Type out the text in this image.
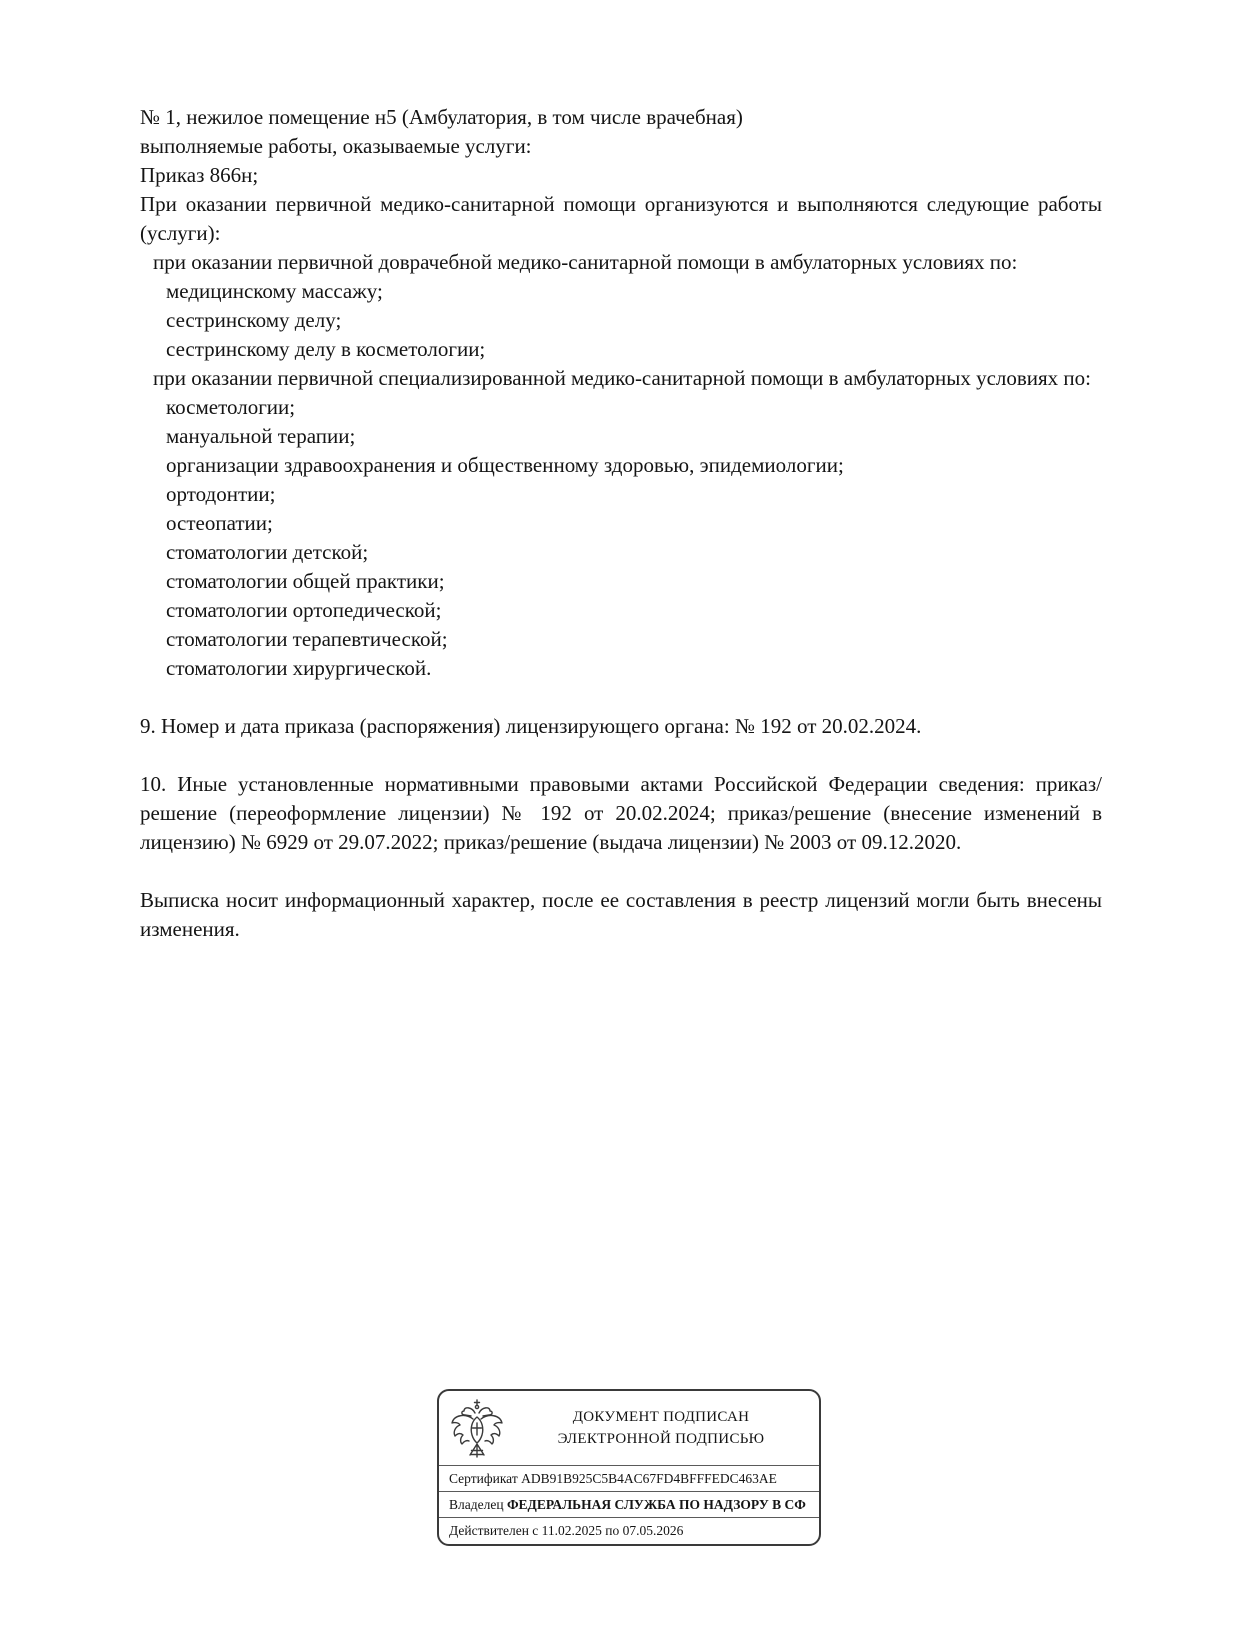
№ 1, нежилое помещение н5 (Амбулатория, в том числе врачебная)
выполняемые работы, оказываемые услуги:
Приказ 866н;
При оказании первичной медико-санитарной помощи организуются и выполняются следующие работы (услуги):
при оказании первичной доврачебной медико-санитарной помощи в амбулаторных условиях по:
медицинскому массажу;
сестринскому делу;
сестринскому делу в косметологии;
при оказании первичной специализированной медико-санитарной помощи в амбулаторных условиях по:
косметологии;
мануальной терапии;
организации здравоохранения и общественному здоровью, эпидемиологии;
ортодонтии;
остеопатии;
стоматологии детской;
стоматологии общей практики;
стоматологии ортопедической;
стоматологии терапевтической;
стоматологии хирургической.

9. Номер и дата приказа (распоряжения) лицензирующего органа: № 192 от 20.02.2024.

10. Иные установленные нормативными правовыми актами Российской Федерации сведения: приказ/решение (переоформление лицензии) № 192 от 20.02.2024; приказ/решение (внесение изменений в лицензию) № 6929 от 29.07.2022; приказ/решение (выдача лицензии) № 2003 от 09.12.2020.

Выписка носит информационный характер, после ее составления в реестр лицензий могли быть внесены изменения.

ДОКУМЕНТ ПОДПИСАН
ЭЛЕКТРОННОЙ ПОДПИСЬЮ
Сертификат ADB91B925C5B4AC67FD4BFFFEDC463AE
Владелец ФЕДЕРАЛЬНАЯ СЛУЖБА ПО НАДЗОРУ В СФ
Действителен с 11.02.2025 по 07.05.2026
